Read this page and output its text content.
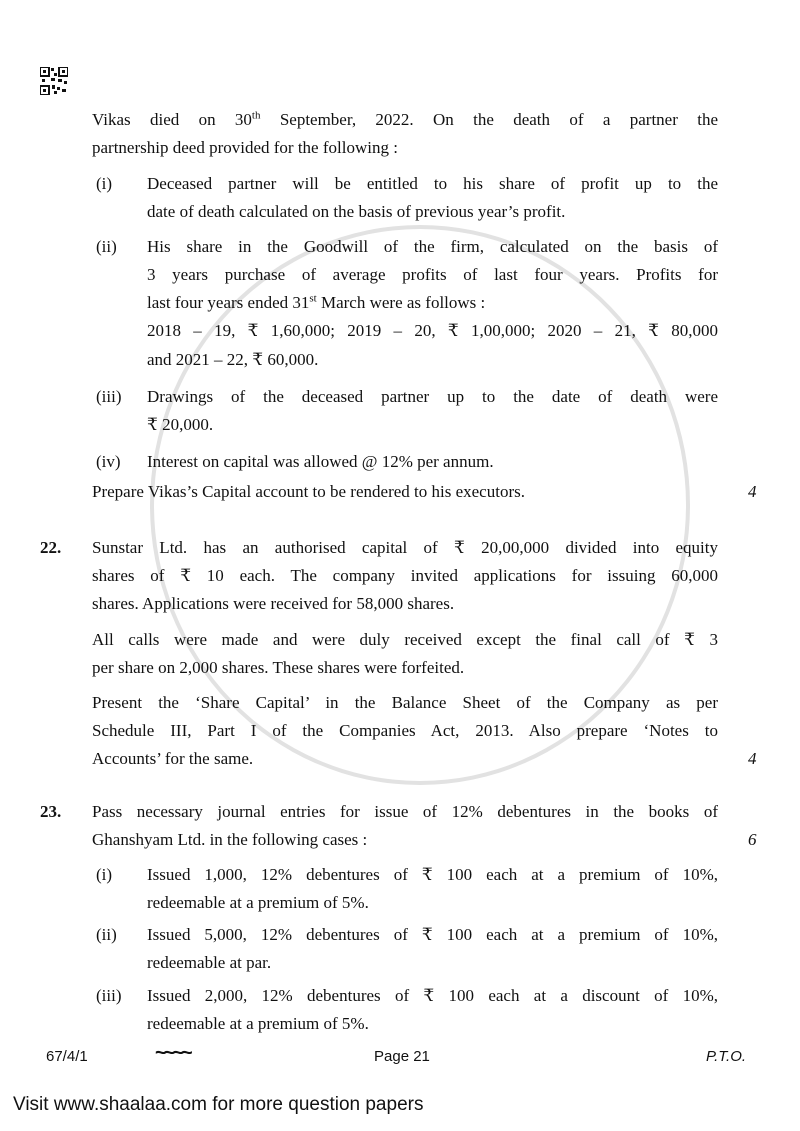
Vikas died on 30th September, 2022. On the death of a partner the
partnership deed provided for the following :
(i) Deceased partner will be entitled to his share of profit up to the
date of death calculated on the basis of previous year’s profit.
(ii) His share in the Goodwill of the firm, calculated on the basis of
3 years purchase of average profits of last four years. Profits for
last four years ended 31st March were as follows :
2018 – 19, ₹ 1,60,000; 2019 – 20, ₹ 1,00,000; 2020 – 21, ₹ 80,000
and 2021 – 22, ₹ 60,000.
(iii) Drawings of the deceased partner up to the date of death were
₹ 20,000.
(iv) Interest on capital was allowed @ 12% per annum.
Prepare Vikas’s Capital account to be rendered to his executors.	4
22. Sunstar Ltd. has an authorised capital of ₹ 20,00,000 divided into equity
shares of ₹ 10 each. The company invited applications for issuing 60,000
shares. Applications were received for 58,000 shares.
All calls were made and were duly received except the final call of ₹ 3
per share on 2,000 shares. These shares were forfeited.
Present the ‘Share Capital’ in the Balance Sheet of the Company as per
Schedule III, Part I of the Companies Act, 2013. Also prepare ‘Notes to
Accounts’ for the same.	4
23. Pass necessary journal entries for issue of 12% debentures in the books of
Ghanshyam Ltd. in the following cases :	6
(i) Issued 1,000, 12% debentures of ₹ 100 each at a premium of 10%,
redeemable at a premium of 5%.
(ii) Issued 5,000, 12% debentures of ₹ 100 each at a premium of 10%,
redeemable at par.
(iii) Issued 2,000, 12% debentures of ₹ 100 each at a discount of 10%,
redeemable at a premium of 5%.
67/4/1	~~~~	Page 21	P.T.O.
Visit www.shaalaa.com for more question papers
